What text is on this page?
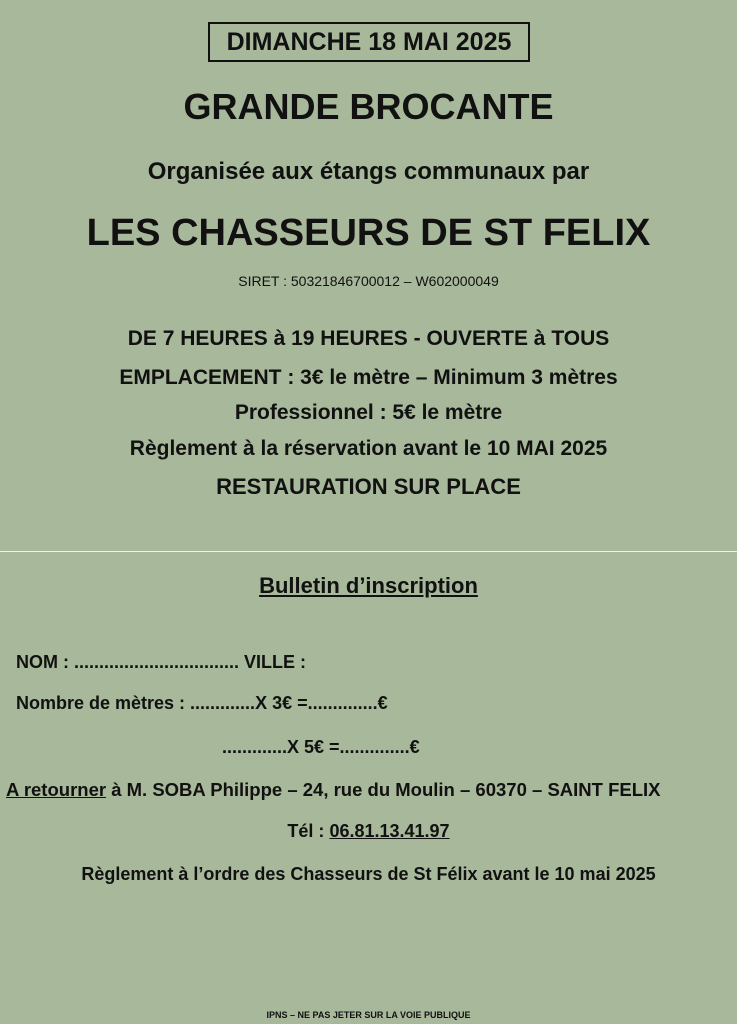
DIMANCHE 18 MAI 2025
GRANDE BROCANTE
Organisée aux étangs communaux par
LES CHASSEURS DE ST FELIX
SIRET : 50321846700012 – W602000049
DE 7 HEURES à 19 HEURES - OUVERTE à TOUS
EMPLACEMENT : 3€ le mètre – Minimum 3 mètres
Professionnel : 5€ le mètre
Règlement à la réservation avant le 10 MAI 2025
RESTAURATION SUR PLACE
Bulletin d’inscription
NOM : ................................. VILLE :
Nombre de mètres : .............X 3€ =..............€
.............X 5€ =..............€
A retourner à M. SOBA Philippe – 24, rue du Moulin – 60370 – SAINT FELIX
Tél : 06.81.13.41.97
Règlement à l’ordre des Chasseurs de St Félix avant le 10 mai 2025
IPNS – NE PAS JETER SUR LA VOIE PUBLIQUE
